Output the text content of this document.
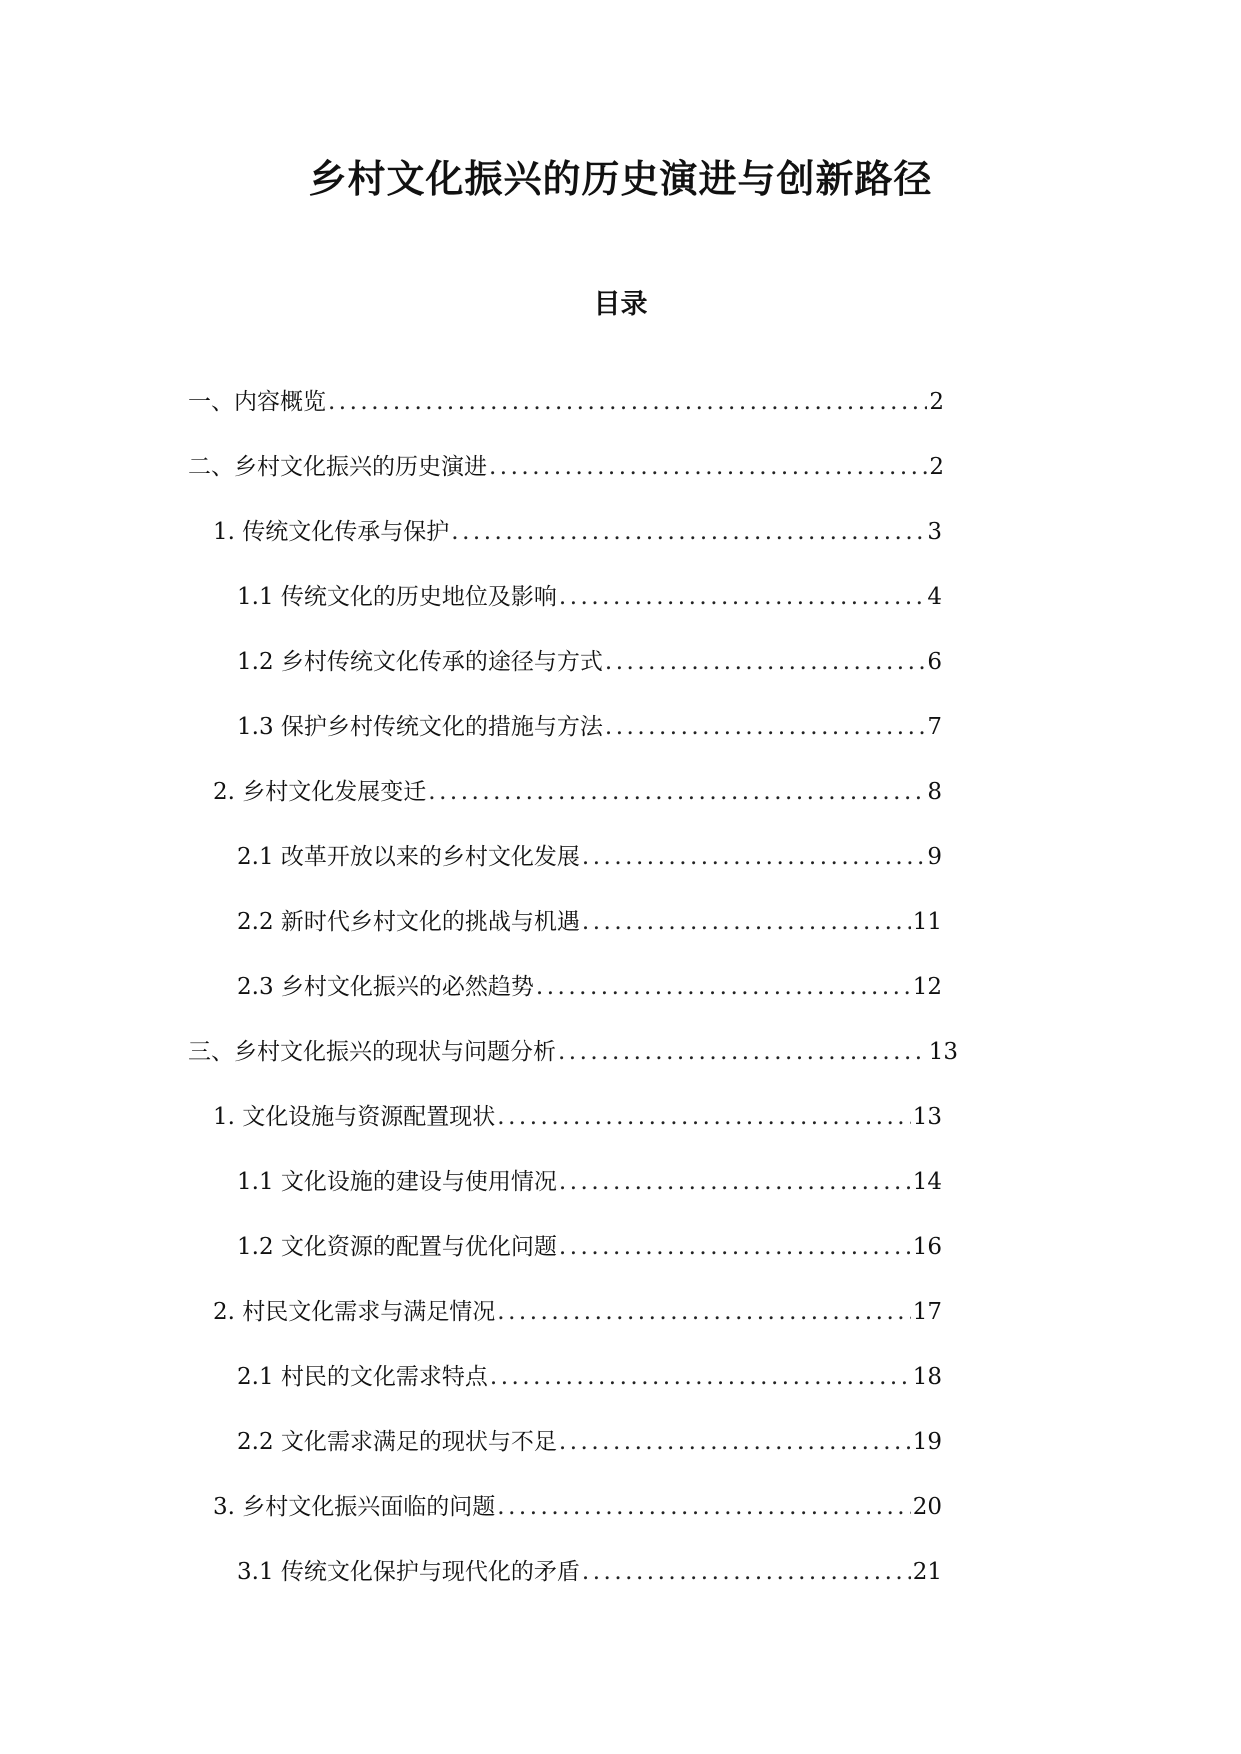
乡村文化振兴的历史演进与创新路径
目录
一、内容概览 .....	2
二、乡村文化振兴的历史演进 .....	2
1. 传统文化传承与保护 .....	3
1.1 传统文化的历史地位及影响 .....	4
1.2 乡村传统文化传承的途径与方式 .....	6
1.3 保护乡村传统文化的措施与方法 .....	7
2. 乡村文化发展变迁 .....	8
2.1 改革开放以来的乡村文化发展 .....	9
2.2 新时代乡村文化的挑战与机遇 .....	11
2.3 乡村文化振兴的必然趋势 .....	12
三、乡村文化振兴的现状与问题分析 .....	13
1. 文化设施与资源配置现状 .....	13
1.1 文化设施的建设与使用情况 .....	14
1.2 文化资源的配置与优化问题 .....	16
2. 村民文化需求与满足情况 .....	17
2.1 村民的文化需求特点 .....	18
2.2 文化需求满足的现状与不足 .....	19
3. 乡村文化振兴面临的问题 .....	20
3.1 传统文化保护与现代化的矛盾 .....	21
